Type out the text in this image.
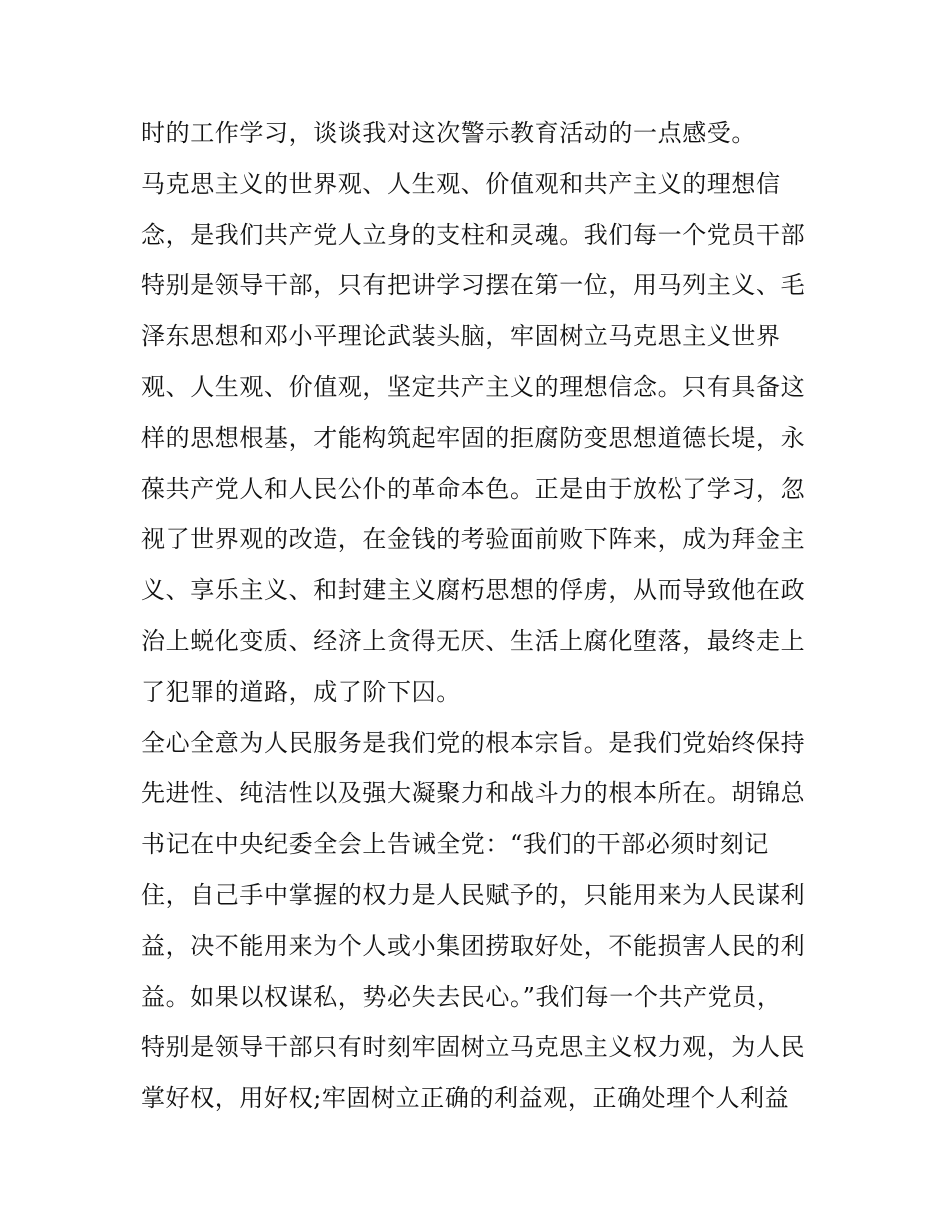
时的工作学习，谈谈我对这次警示教育活动的一点感受。
马克思主义的世界观、人生观、价值观和共产主义的理想信
念，是我们共产党人立身的支柱和灵魂。我们每一个党员干部
特别是领导干部，只有把讲学习摆在第一位，用马列主义、毛
泽东思想和邓小平理论武装头脑，牢固树立马克思主义世界
观、人生观、价值观，坚定共产主义的理想信念。只有具备这
样的思想根基，才能构筑起牢固的拒腐防变思想道德长堤，永
葆共产党人和人民公仆的革命本色。正是由于放松了学习，忽
视了世界观的改造，在金钱的考验面前败下阵来，成为拜金主
义、享乐主义、和封建主义腐朽思想的俘虏，从而导致他在政
治上蜕化变质、经济上贪得无厌、生活上腐化堕落，最终走上
了犯罪的道路，成了阶下囚。
全心全意为人民服务是我们党的根本宗旨。是我们党始终保持
先进性、纯洁性以及强大凝聚力和战斗力的根本所在。胡锦总
书记在中央纪委全会上告诫全党：“我们的干部必须时刻记
住，自己手中掌握的权力是人民赋予的，只能用来为人民谋利
益，决不能用来为个人或小集团捞取好处，不能损害人民的利
益。如果以权谋私，势必失去民心。”我们每一个共产党员，
特别是领导干部只有时刻牢固树立马克思主义权力观，为人民
掌好权，用好权;牢固树立正确的利益观，正确处理个人利益
